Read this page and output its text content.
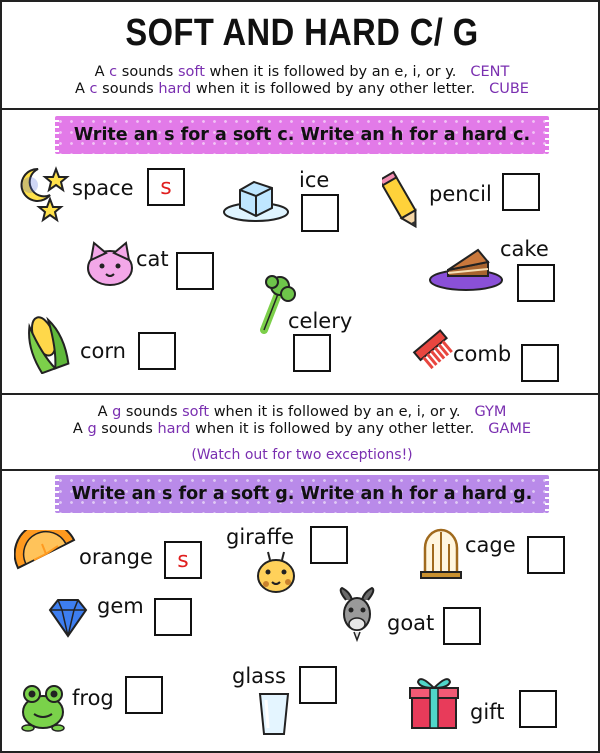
SOFT AND HARD C/ G
A c sounds soft when it is followed by an e, i, or y. CENT
A c sounds hard when it is followed by any other letter. CUBE
Write an s for a soft c. Write an h for a hard c.
space	s	ice
pencil
cat	cake
corn
celery
comb
A g sounds soft when it is followed by an e, i, or y. GYM
A g sounds hard when it is followed by any other letter. GAME
(Watch out for two exceptions!)
Write an s for a soft g. Write an h for a hard g.
orange	s
giraffe	cage
gem
goat
frog
glass
gift
